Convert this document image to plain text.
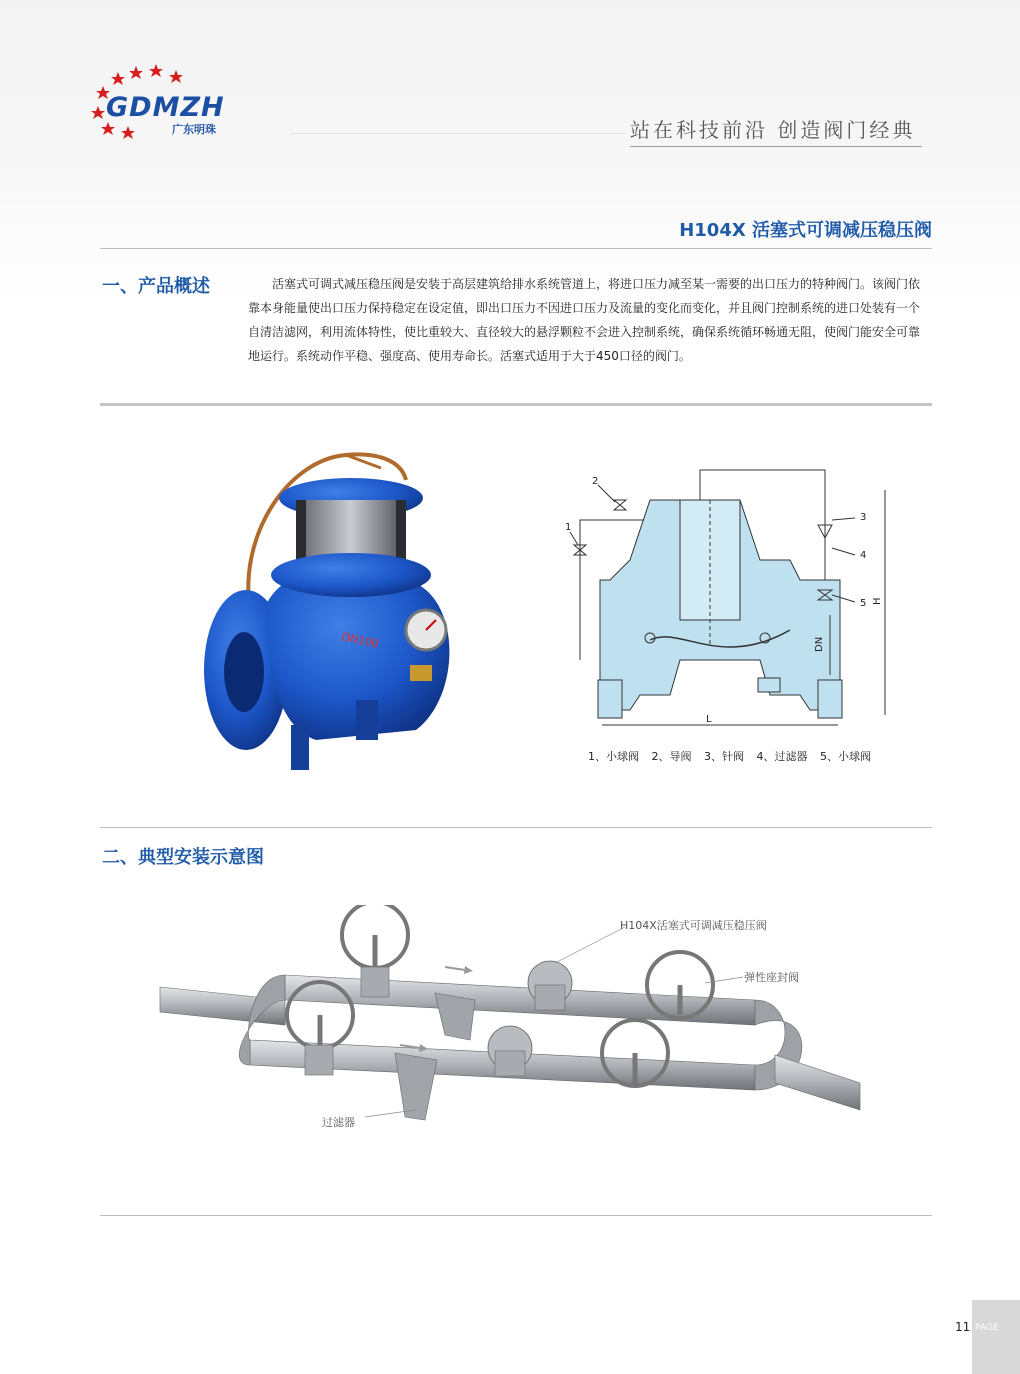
GDMZH
广东明珠	站在科技前沿 创造阀门经典
H104X 活塞式可调减压稳压阀
一、产品概述	活塞式可调式减压稳压阀是安装于高层建筑给排水系统管道上，将进口压力减至某一需要的出口压力的特种阀门。该阀门依靠本身能量使出口压力保持稳定在设定值，即出口压力不因进口压力及流量的变化而变化，并且阀门控制系统的进口处装有一个自清洁滤网，利用流体特性，使比重较大、直径较大的悬浮颗粒不会进入控制系统，确保系统循环畅通无阻，使阀门能安全可靠地运行。系统动作平稳、强度高、使用寿命长。活塞式适用于大于450口径的阀门。
DN100
1
2
3
4
5
DN
H
L
1、小球阀 2、导阀 3、针阀 4、过滤器 5、小球阀
二、典型安装示意图
H104X活塞式可调减压稳压阀
弹性座封阀
过滤器
11 PAGE
